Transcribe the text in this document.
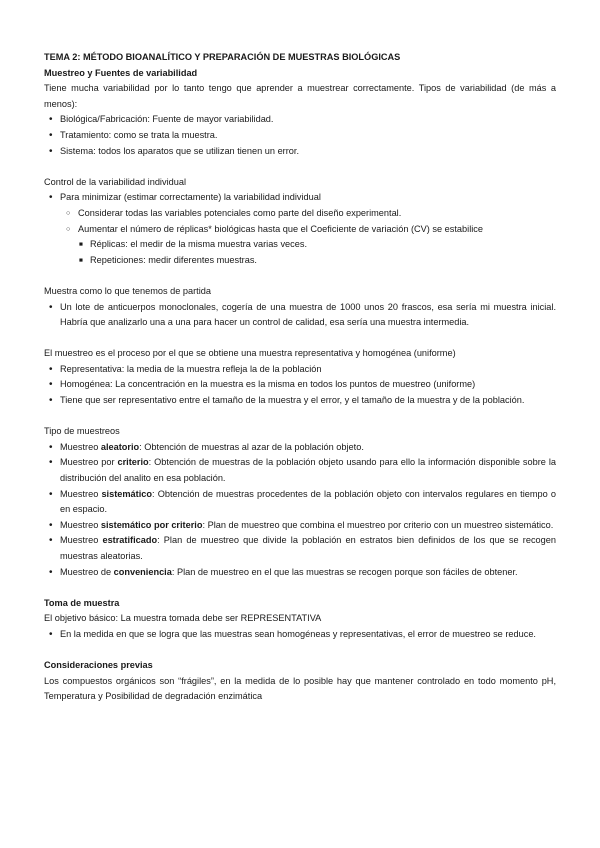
TEMA 2: MÉTODO BIOANALÍTICO Y PREPARACIÓN DE MUESTRAS BIOLÓGICAS

Muestreo y Fuentes de variabilidad

Tiene mucha variabilidad por lo tanto tengo que aprender a muestrear correctamente. Tipos de variabilidad (de más a menos):

• Biológica/Fabricación: Fuente de mayor variabilidad.
• Tratamiento: como se trata la muestra.
• Sistema: todos los aparatos que se utilizan tienen un error.

Control de la variabilidad individual

• Para minimizar (estimar correctamente) la variabilidad individual
○ Considerar todas las variables potenciales como parte del diseño experimental.
○ Aumentar el número de réplicas* biológicas hasta que el Coeficiente de variación (CV) se estabilice
■ Réplicas: el medir de la misma muestra varias veces.
■ Repeticiones: medir diferentes muestras.

Muestra como lo que tenemos de partida

• Un lote de anticuerpos monoclonales, cogería de una muestra de 1000 unos 20 frascos, esa sería mi muestra inicial. Habría que analizarlo una a una para hacer un control de calidad, esa sería una muestra intermedia.

El muestreo es el proceso por el que se obtiene una muestra representativa y homogénea (uniforme)

• Representativa: la media de la muestra refleja la de la población
• Homogénea: La concentración en la muestra es la misma en todos los puntos de muestreo (uniforme)
• Tiene que ser representativo entre el tamaño de la muestra y el error, y el tamaño de la muestra y de la población.

Tipo de muestreos

• Muestreo aleatorio: Obtención de muestras al azar de la población objeto.
• Muestreo por criterio: Obtención de muestras de la población objeto usando para ello la información disponible sobre la distribución del analito en esa población.
• Muestreo sistemático: Obtención de muestras procedentes de la población objeto con intervalos regulares en tiempo o en espacio.
• Muestreo sistemático por criterio: Plan de muestreo que combina el muestreo por criterio con un muestreo sistemático.
• Muestreo estratificado: Plan de muestreo que divide la población en estratos bien definidos de los que se recogen muestras aleatorias.
• Muestreo de conveniencia: Plan de muestreo en el que las muestras se recogen porque son fáciles de obtener.

Toma de muestra

El objetivo básico: La muestra tomada debe ser REPRESENTATIVA

• En la medida en que se logra que las muestras sean homogéneas y representativas, el error de muestreo se reduce.

Consideraciones previas

Los compuestos orgánicos son “frágiles”, en la medida de lo posible hay que mantener controlado en todo momento pH, Temperatura y Posibilidad de degradación enzimática
